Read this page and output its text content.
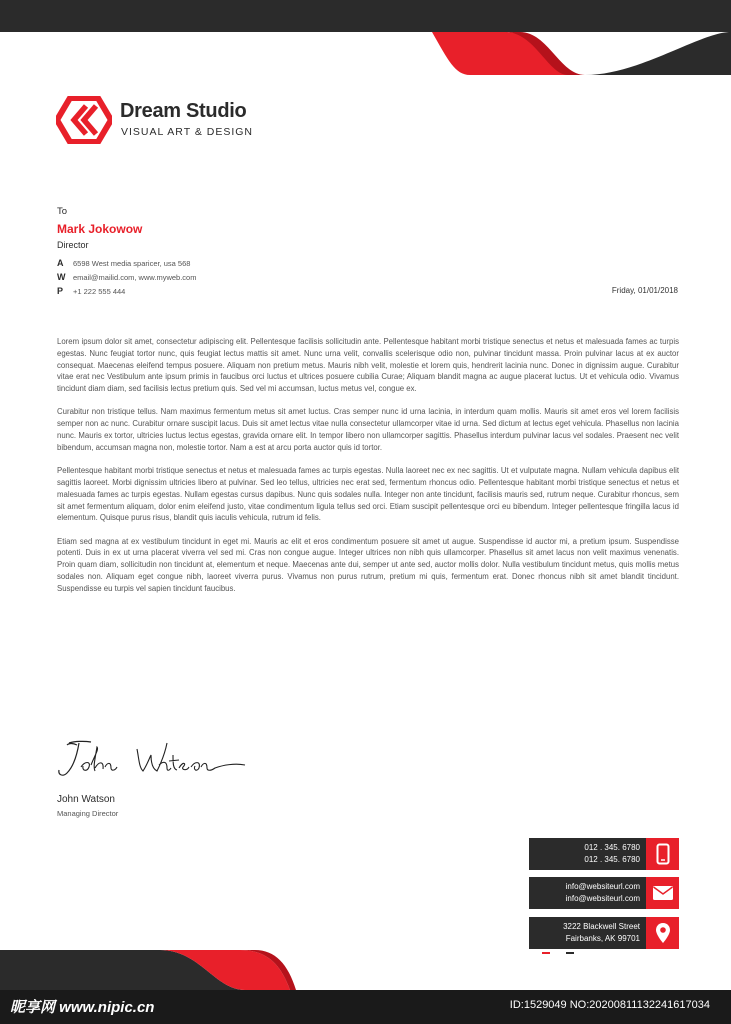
Dream Studio
VISUAL ART & DESIGN
To
Mark Jokowow
Director
A 6598 West media sparicer, usa 568
W email@mailid.com, www.myweb.com
P +1 222 555 444	Friday, 01/01/2018

Lorem ipsum dolor sit amet, consectetur adipiscing elit. Pellentesque facilisis sollicitudin ante. Pellentesque habitant morbi tristique senectus et netus et malesuada fames ac turpis egestas. Nunc feugiat tortor nunc, quis feugiat lectus mattis sit amet. Nunc urna velit, convallis scelerisque odio non, pulvinar tincidunt massa. Proin pulvinar lacus at ex auctor consequat. Maecenas eleifend tempus posuere. Aliquam non pretium metus. Mauris nibh velit, molestie et lorem quis, hendrerit lacinia nunc. Donec in dignissim augue. Curabitur vitae erat nec Vestibulum ante ipsum primis in faucibus orci luctus et ultrices posuere cubilia Curae; Aliquam blandit magna ac augue placerat luctus. Ut et vehicula odio. Vivamus tincidunt diam diam, sed facilisis lectus pretium quis. Sed vel mi accumsan, luctus metus vel, congue ex.

Curabitur non tristique tellus. Nam maximus fermentum metus sit amet luctus. Cras semper nunc id urna lacinia, in interdum quam mollis. Mauris sit amet eros vel lorem facilisis semper non ac nunc. Curabitur ornare suscipit lacus. Duis sit amet lectus vitae nulla consectetur ullamcorper vitae id urna. Sed dictum at lectus eget vehicula. Phasellus non lacinia nunc. Mauris ex tortor, ultricies luctus lectus egestas, gravida ornare elit. In tempor libero non ullamcorper sagittis. Phasellus interdum pulvinar lacus vel sodales. Praesent nec velit bibendum, accumsan magna non, molestie tortor. Nam a est at arcu porta auctor quis id tortor.

Pellentesque habitant morbi tristique senectus et netus et malesuada fames ac turpis egestas. Nulla laoreet nec ex nec sagittis. Ut et vulputate magna. Nullam vehicula dapibus elit sagittis laoreet. Morbi dignissim ultricies libero at pulvinar. Sed leo tellus, ultricies nec erat sed, fermentum rhoncus odio. Pellentesque habitant morbi tristique senectus et netus et malesuada fames ac turpis egestas. Nullam egestas cursus dapibus. Nunc quis sodales nulla. Integer non ante tincidunt, facilisis mauris sed, rutrum neque. Curabitur rhoncus, sem sit amet fermentum aliquam, dolor enim eleifend justo, vitae condimentum ligula tellus sed orci. Etiam suscipit pellentesque orci eu bibendum. Integer pellentesque fringilla lacus id elementum. Quisque purus risus, blandit quis iaculis vehicula, rutrum id felis.

Etiam sed magna at ex vestibulum tincidunt in eget mi. Mauris ac elit et eros condimentum posuere sit amet ut augue. Suspendisse id auctor mi, a pretium ipsum. Suspendisse potenti. Duis in ex ut urna placerat viverra vel sed mi. Cras non congue augue. Integer ultrices non nibh quis ullamcorper. Phasellus sit amet lacus non velit maximus venenatis. Proin quam diam, sollicitudin non tincidunt at, elementum et neque. Maecenas ante dui, semper ut ante sed, auctor mollis dolor. Nulla vestibulum tincidunt metus, quis mollis metus sodales non. Aliquam eget congue nibh, laoreet viverra purus. Vivamus non purus rutrum, pretium mi quis, fermentum erat. Donec rhoncus nibh sit amet blandit tincidunt. Suspendisse eu turpis vel sapien tincidunt faucibus.

John Watson
Managing Director
012 . 345. 6780
012 . 345. 6780
info@websiteurl.com
info@websiteurl.com
3222 Blackwell Street
Fairbanks, AK 99701
昵享网 www.nipic.cn	ID:1529049 NO:20200811132241617034
